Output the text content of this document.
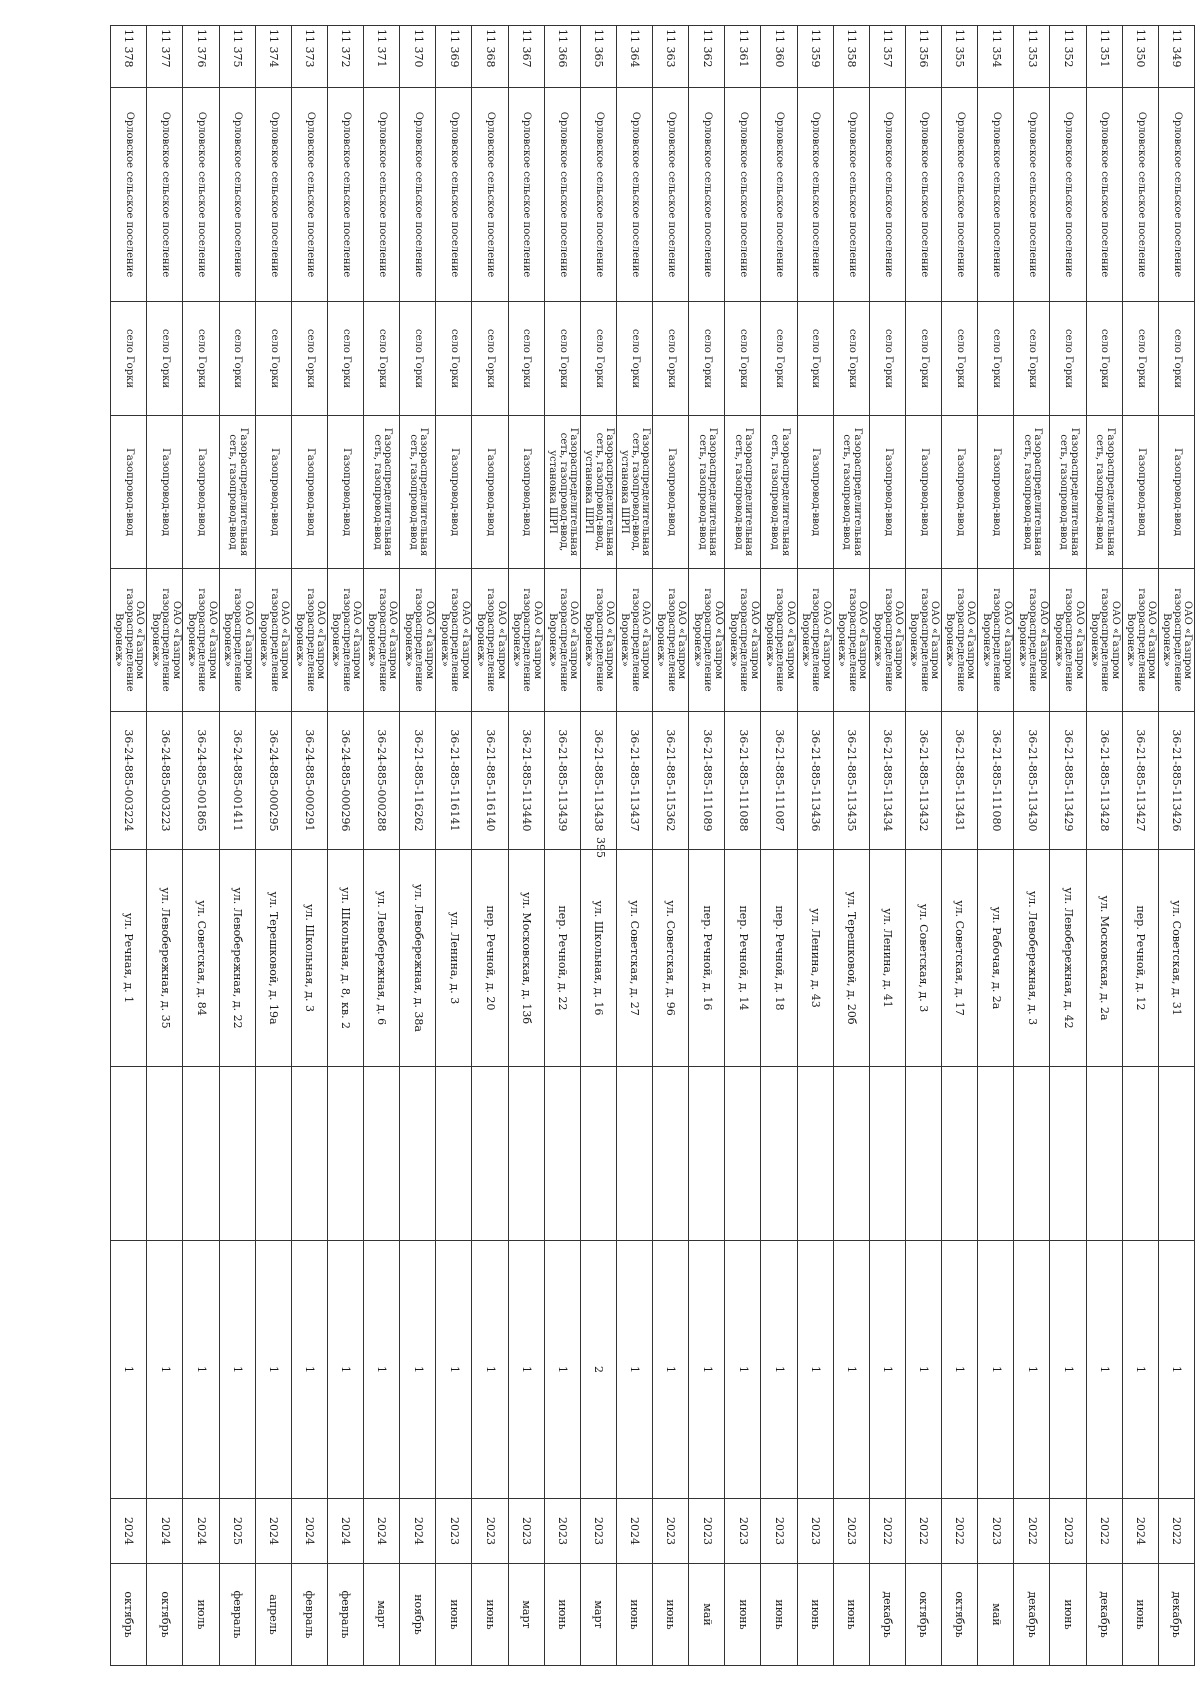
395
11 349	Орловское сельское поселение	село Горки	Газопровод-ввод	ОАО «Газпром газораспределение Воронеж»	36-21-885-113426	ул. Советская, д. 31		1	2022	декабрь
11 350	Орловское сельское поселение	село Горки	Газопровод-ввод	ОАО «Газпром газораспределение Воронеж»	36-21-885-113427	пер. Речной, д. 12		1	2024	июнь
11 351	Орловское сельское поселение	село Горки	Газораспределительная сеть, газопровод-ввод	ОАО «Газпром газораспределение Воронеж»	36-21-885-113428	ул. Московская, д. 2а		1	2022	декабрь
11 352	Орловское сельское поселение	село Горки	Газораспределительная сеть, газопровод-ввод	ОАО «Газпром газораспределение Воронеж»	36-21-885-113429	ул. Левобережная, д. 42		1	2023	июнь
11 353	Орловское сельское поселение	село Горки	Газораспределительная сеть, газопровод-ввод	ОАО «Газпром газораспределение Воронеж»	36-21-885-113430	ул. Левобережная, д. 3		1	2022	декабрь
11 354	Орловское сельское поселение	село Горки	Газопровод-ввод	ОАО «Газпром газораспределение Воронеж»	36-21-885-111080	ул. Рабочая, д. 2а		1	2023	май
11 355	Орловское сельское поселение	село Горки	Газопровод-ввод	ОАО «Газпром газораспределение Воронеж»	36-21-885-113431	ул. Советская, д. 17		1	2022	октябрь
11 356	Орловское сельское поселение	село Горки	Газопровод-ввод	ОАО «Газпром газораспределение Воронеж»	36-21-885-113432	ул. Советская, д. 3		1	2022	октябрь
11 357	Орловское сельское поселение	село Горки	Газопровод-ввод	ОАО «Газпром газораспределение Воронеж»	36-21-885-113434	ул. Ленина, д. 41		1	2022	декабрь
11 358	Орловское сельское поселение	село Горки	Газораспределительная сеть, газопровод-ввод	ОАО «Газпром газораспределение Воронеж»	36-21-885-113435	ул. Терешковой, д. 20б		1	2023	июнь
11 359	Орловское сельское поселение	село Горки	Газопровод-ввод	ОАО «Газпром газораспределение Воронеж»	36-21-885-113436	ул. Ленина, д. 43		1	2023	июнь
11 360	Орловское сельское поселение	село Горки	Газораспределительная сеть, газопровод-ввод	ОАО «Газпром газораспределение Воронеж»	36-21-885-111087	пер. Речной, д. 18		1	2023	июнь
11 361	Орловское сельское поселение	село Горки	Газораспределительная сеть, газопровод-ввод	ОАО «Газпром газораспределение Воронеж»	36-21-885-111088	пер. Речной, д. 14		1	2023	июнь
11 362	Орловское сельское поселение	село Горки	Газораспределительная сеть, газопровод-ввод	ОАО «Газпром газораспределение Воронеж»	36-21-885-111089	пер. Речной, д. 16		1	2023	май
11 363	Орловское сельское поселение	село Горки	Газопровод-ввод	ОАО «Газпром газораспределение Воронеж»	36-21-885-115362	ул. Советская, д. 96		1	2023	июнь
11 364	Орловское сельское поселение	село Горки	Газораспределительная сеть, газопровод-ввод, установка ШРП	ОАО «Газпром газораспределение Воронеж»	36-21-885-113437	ул. Советская, д. 27		1	2024	июнь
11 365	Орловское сельское поселение	село Горки	Газораспределительная сеть, газопровод-ввод, установка ШРП	ОАО «Газпром газораспределение Воронеж»	36-21-885-113438	ул. Школьная, д. 16		2	2023	март
11 366	Орловское сельское поселение	село Горки	Газораспределительная сеть, газопровод-ввод, установка ШРП	ОАО «Газпром газораспределение Воронеж»	36-21-885-113439	пер. Речной, д. 22		1	2023	июнь
11 367	Орловское сельское поселение	село Горки	Газопровод-ввод	ОАО «Газпром газораспределение Воронеж»	36-21-885-113440	ул. Московская, д. 13б		1	2023	март
11 368	Орловское сельское поселение	село Горки	Газопровод-ввод	ОАО «Газпром газораспределение Воронеж»	36-21-885-116140	пер. Речной, д. 20		1	2023	июнь
11 369	Орловское сельское поселение	село Горки	Газопровод-ввод	ОАО «Газпром газораспределение Воронеж»	36-21-885-116141	ул. Ленина, д. 3		1	2023	июнь
11 370	Орловское сельское поселение	село Горки	Газораспределительная сеть, газопровод-ввод	ОАО «Газпром газораспределение Воронеж»	36-21-885-116262	ул. Левобережная, д. 38а		1	2024	ноябрь
11 371	Орловское сельское поселение	село Горки	Газораспределительная сеть, газопровод-ввод	ОАО «Газпром газораспределение Воронеж»	36-24-885-000288	ул. Левобережная, д. 6		1	2024	март
11 372	Орловское сельское поселение	село Горки	Газопровод-ввод	ОАО «Газпром газораспределение Воронеж»	36-24-885-000296	ул. Школьная, д. 8, кв. 2		1	2024	февраль
11 373	Орловское сельское поселение	село Горки	Газопровод-ввод	ОАО «Газпром газораспределение Воронеж»	36-24-885-000291	ул. Школьная, д. 3		1	2024	февраль
11 374	Орловское сельское поселение	село Горки	Газопровод-ввод	ОАО «Газпром газораспределение Воронеж»	36-24-885-000295	ул. Терешковой, д. 19а		1	2024	апрель
11 375	Орловское сельское поселение	село Горки	Газораспределительная сеть, газопровод-ввод	ОАО «Газпром газораспределение Воронеж»	36-24-885-001411	ул. Левобережная, д. 22		1	2025	февраль
11 376	Орловское сельское поселение	село Горки	Газопровод-ввод	ОАО «Газпром газораспределение Воронеж»	36-24-885-001865	ул. Советская, д. 84		1	2024	июль
11 377	Орловское сельское поселение	село Горки	Газопровод-ввод	ОАО «Газпром газораспределение Воронеж»	36-24-885-003223	ул. Левобережная, д. 35		1	2024	октябрь
11 378	Орловское сельское поселение	село Горки	Газопровод-ввод	ОАО «Газпром газораспределение Воронеж»	36-24-885-003224	ул. Речная, д. 1		1	2024	октябрь
